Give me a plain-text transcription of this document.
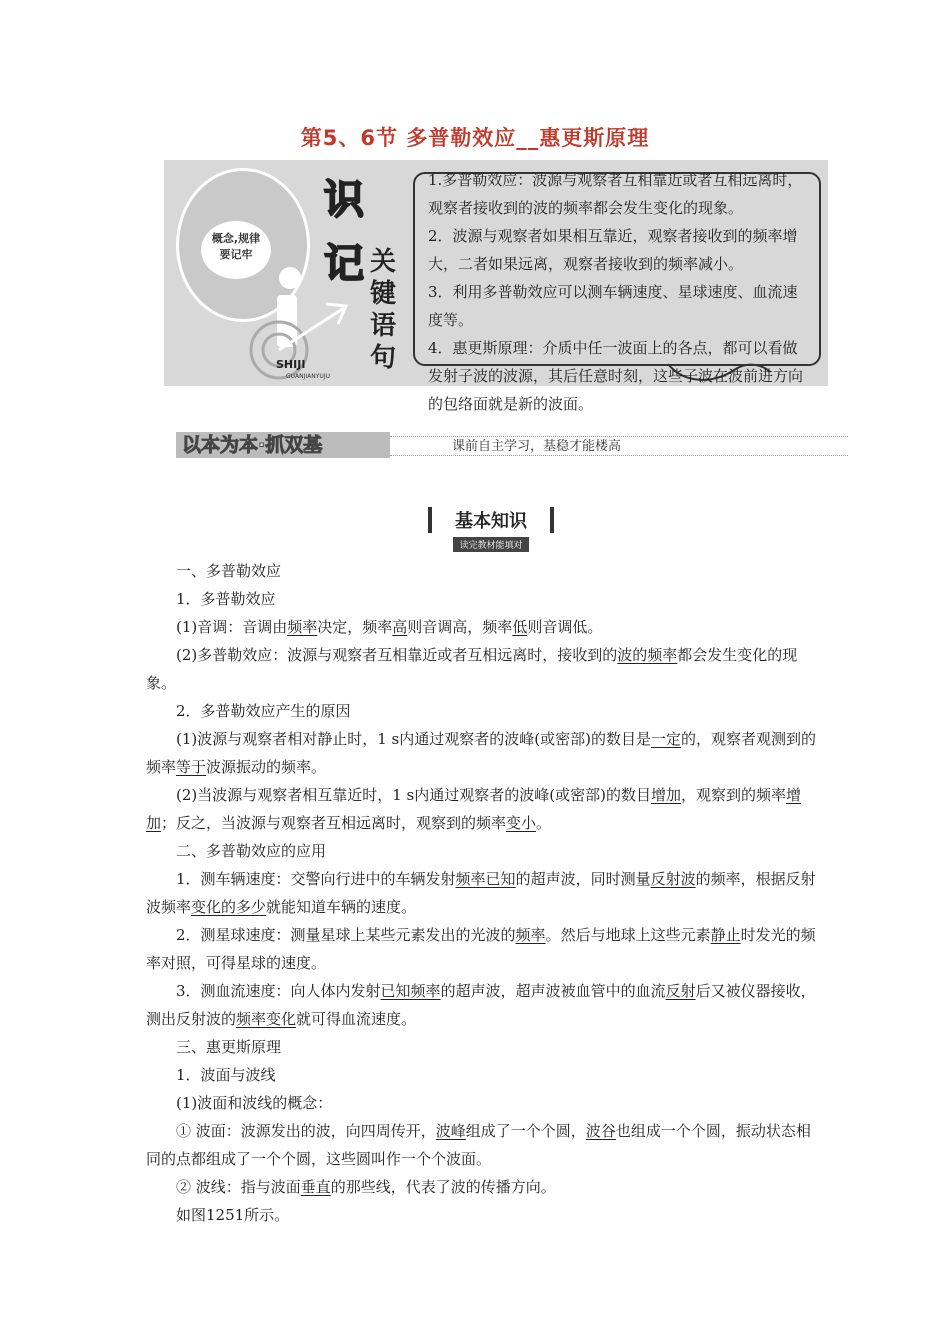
第5、6节 多普勒效应__惠更斯原理
概念,规律
要记牢
识
记 关
键
语
句
SHIJI
GUANJIANYUJU

1.多普勒效应：波源与观察者互相靠近或者互相远离时，观察者接收到的波的频率都会发生变化的现象。

2．波源与观察者如果相互靠近，观察者接收到的频率增大，二者如果远离，观察者接收到的频率减小。

3．利用多普勒效应可以测车辆速度、星球速度、血流速度等。

4．惠更斯原理：介质中任一波面上的各点，都可以看做发射子波的波源，其后任意时刻，这些子波在波前进方向的包络面就是新的波面。

以本为本·抓双基	课前自主学习，基稳才能楼高
基本知识
读完教材能填对

一、多普勒效应

1．多普勒效应

(1)音调：音调由频率决定，频率高则音调高，频率低则音调低。

(2)多普勒效应：波源与观察者互相靠近或者互相远离时，接收到的波的频率都会发生变化的现象。

2．多普勒效应产生的原因

(1)波源与观察者相对静止时，1 s内通过观察者的波峰(或密部)的数目是一定的，观察者观测到的频率等于波源振动的频率。

(2)当波源与观察者相互靠近时，1 s内通过观察者的波峰(或密部)的数目增加，观察到的频率增加；反之，当波源与观察者互相远离时，观察到的频率变小。

二、多普勒效应的应用

1．测车辆速度：交警向行进中的车辆发射频率已知的超声波，同时测量反射波的频率，根据反射波频率变化的多少就能知道车辆的速度。

2．测星球速度：测量星球上某些元素发出的光波的频率。然后与地球上这些元素静止时发光的频率对照，可得星球的速度。

3．测血流速度：向人体内发射已知频率的超声波，超声波被血管中的血流反射后又被仪器接收，测出反射波的频率变化就可得血流速度。

三、惠更斯原理

1．波面与波线

(1)波面和波线的概念：

① 波面：波源发出的波，向四周传开，波峰组成了一个个圆，波谷也组成一个个圆，振动状态相同的点都组成了一个个圆，这些圆叫作一个个波面。

② 波线：指与波面垂直的那些线，代表了波的传播方向。

如图1251所示。
